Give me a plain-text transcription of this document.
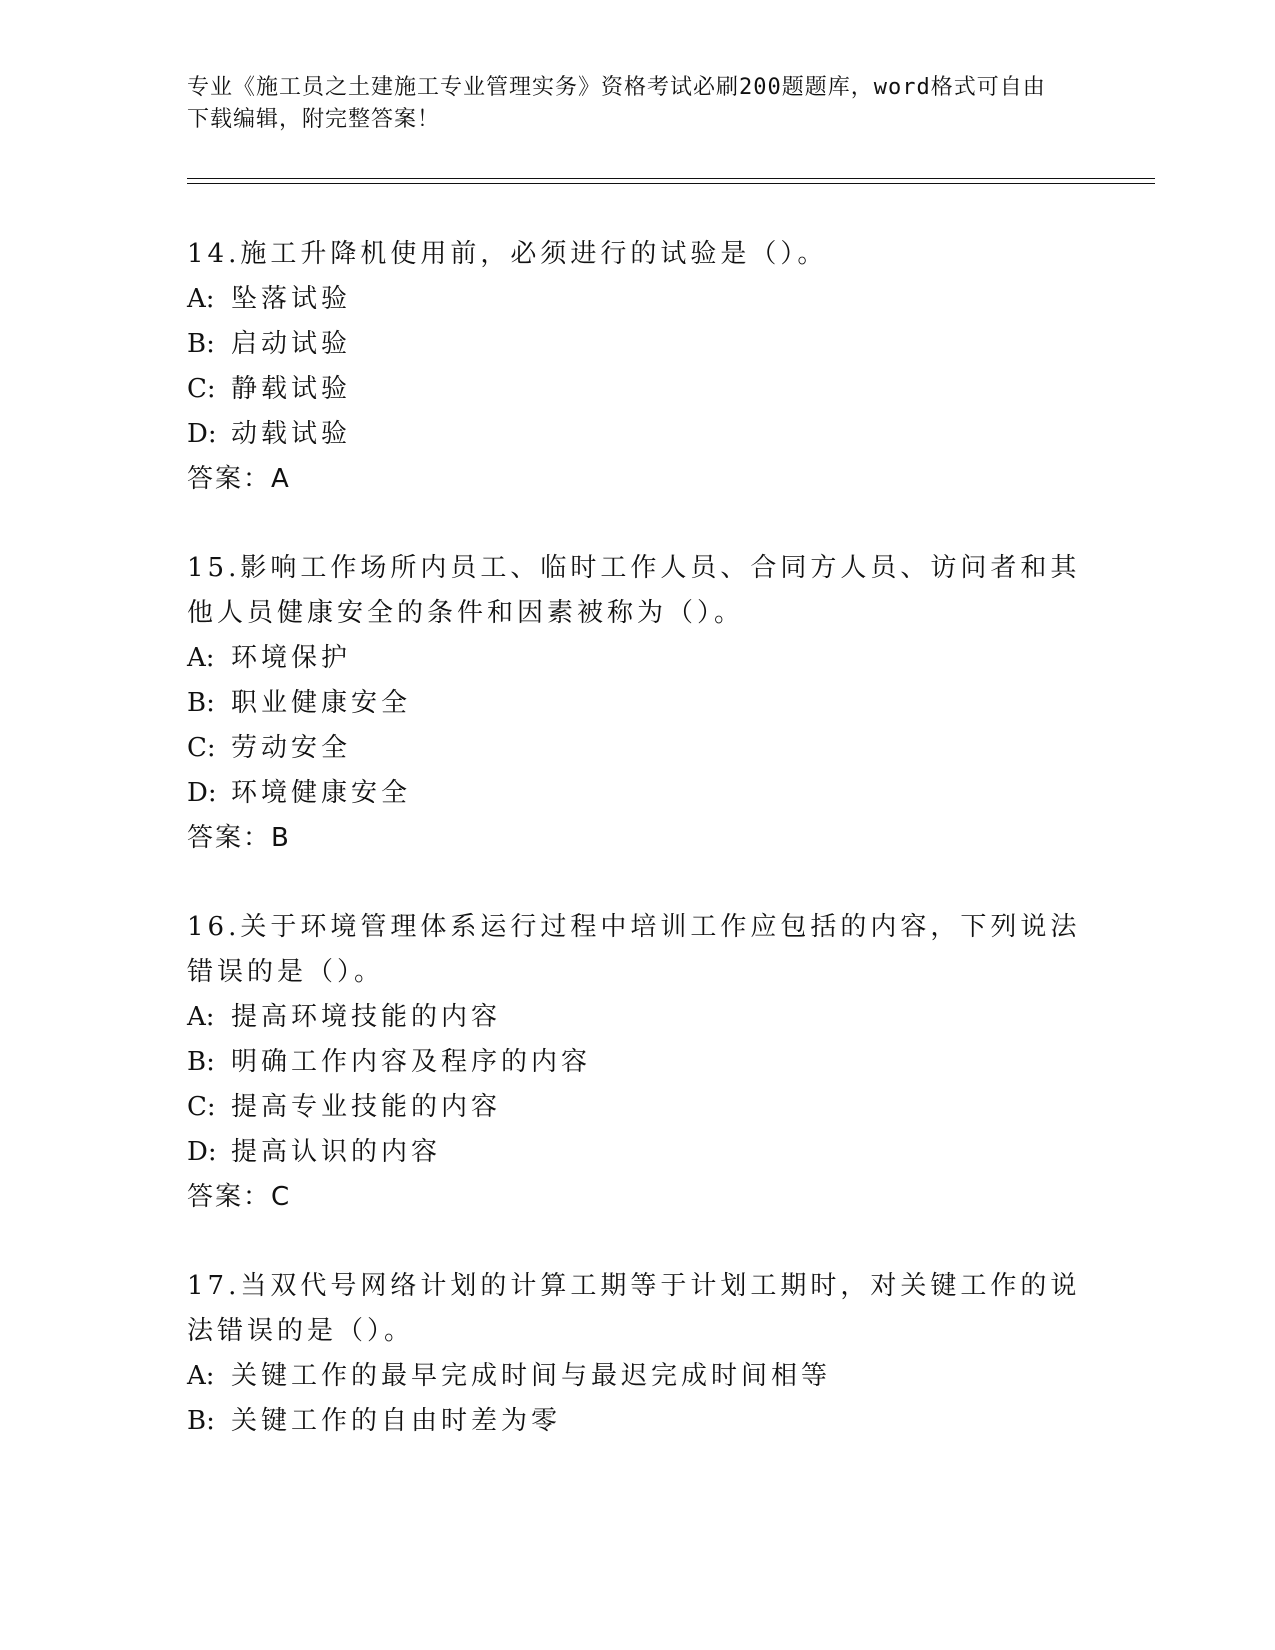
专业《施工员之土建施工专业管理实务》资格考试必刷200题题库，word格式可自由下载编辑，附完整答案！

14.施工升降机使用前，必须进行的试验是（）。

A: 坠落试验

B: 启动试验

C: 静载试验

D: 动载试验

答案：A

15.影响工作场所内员工、临时工作人员、合同方人员、访问者和其他人员健康安全的条件和因素被称为（）。

A: 环境保护

B: 职业健康安全

C: 劳动安全

D: 环境健康安全

答案：B

16.关于环境管理体系运行过程中培训工作应包括的内容，下列说法错误的是（）。

A: 提高环境技能的内容

B: 明确工作内容及程序的内容

C: 提高专业技能的内容

D: 提高认识的内容

答案：C

17.当双代号网络计划的计算工期等于计划工期时，对关键工作的说法错误的是（）。

A: 关键工作的最早完成时间与最迟完成时间相等

B: 关键工作的自由时差为零
